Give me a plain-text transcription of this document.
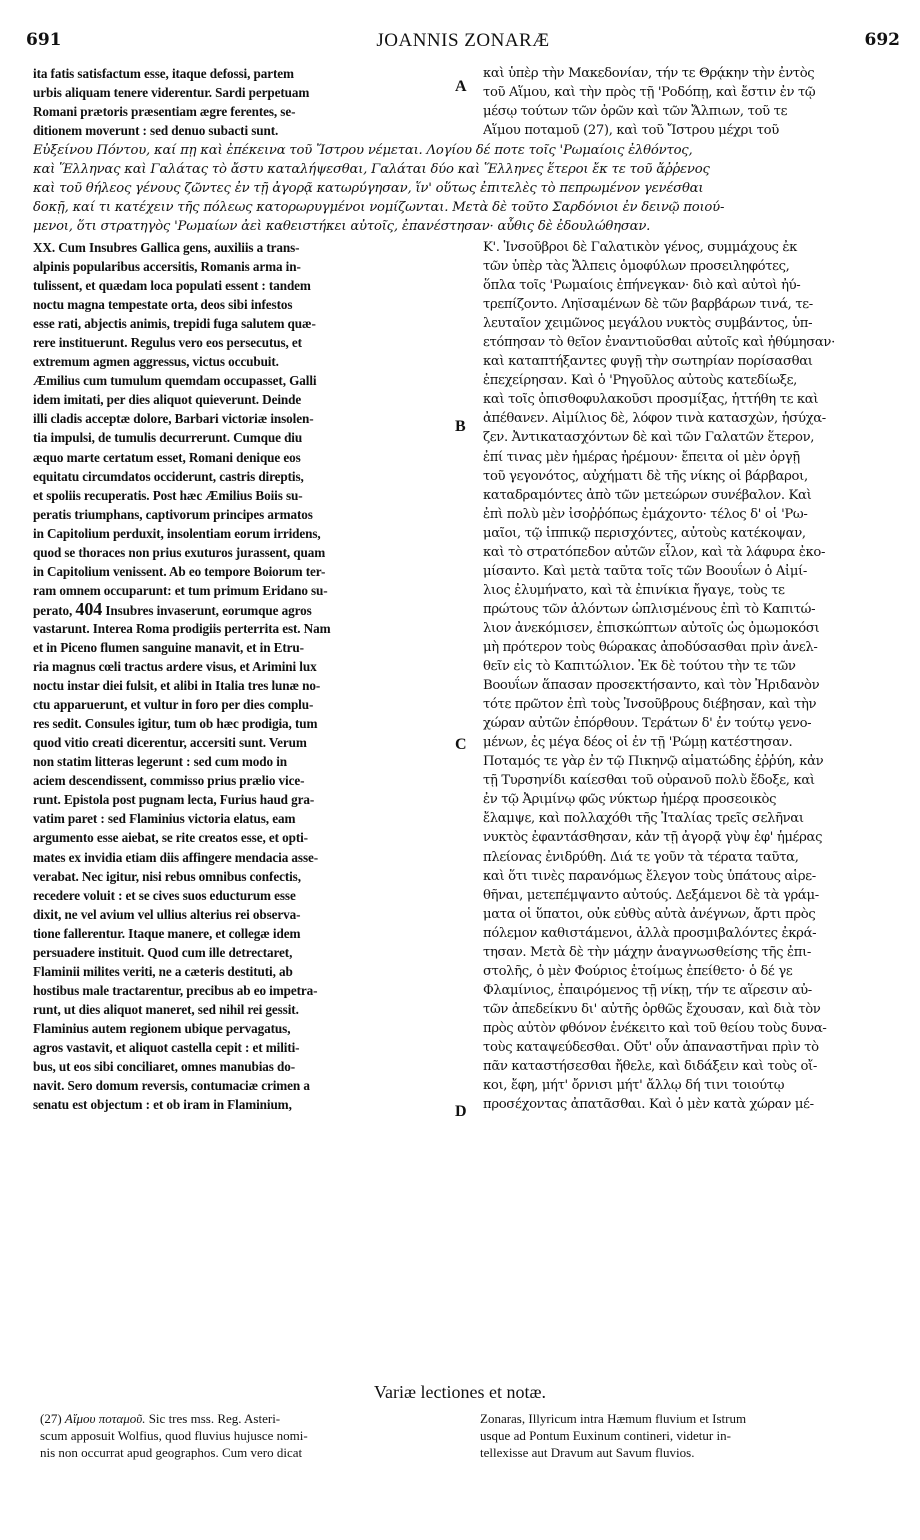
691	JOANNIS ZONARÆ	692
ita fatis satisfactum esse, itaque defossi, partem
urbis aliquam tenere viderentur. Sardi perpetuam
Romani prætoris præsentiam ægre ferentes, se-
ditionem moverunt : sed denuo subacti sunt.
καὶ ὑπὲρ τὴν Μακεδονίαν, τήν τε Θρᾴκην τὴν ἐντὸς
τοῦ Αἵμου, καὶ τὴν πρὸς τῇ 'Ροδόπῃ, καὶ ἔστιν ἐν τῷ
μέσῳ τούτων τῶν ὀρῶν καὶ τῶν Ἄλπιων, τοῦ τε
Αἵμου ποταμοῦ (27), καὶ τοῦ Ἴστρου μέχρι τοῦ
Εὐξείνου Πόντου, καί πῃ καὶ ἐπέκεινα τοῦ Ἴστρου νέμεται. Λογίου δέ ποτε τοῖς 'Ρωμαίοις ἐλθόντος,
καὶ Ἕλληνας καὶ Γαλάτας τὸ ἄστυ καταλήψεσθαι, Γαλάται δύο καὶ Ἕλληνες ἕτεροι ἔκ τε τοῦ ἄῤῥενος
καὶ τοῦ θήλεος γένους ζῶντες ἐν τῇ ἀγορᾷ κατωρύγησαν, ἵν' οὕτως ἐπιτελὲς τὸ πεπρωμένον γενέσθαι
δοκῇ, καί τι κατέχειν τῆς πόλεως κατορωρυγμένοι νομίζωνται. Μετὰ δὲ τοῦτο Σαρδόνιοι ἐν δεινῷ ποιού-
μενοι, ὅτι στρατηγὸς 'Ρωμαίων ἀεὶ καθειστήκει αὐτοῖς, ἐπανέστησαν· αὖθις δὲ ἐδουλώθησαν.
XX. Cum Insubres Gallica gens, auxiliis a trans-
alpinis popularibus accersitis, Romanis arma in-
tulissent, et quædam loca populati essent : tandem
noctu magna tempestate orta, deos sibi infestos
esse rati, abjectis animis, trepidi fuga salutem quæ-
rere instituerunt. Regulus vero eos persecutus, et
extremum agmen aggressus, victus occubuit.
Æmilius cum tumulum quemdam occupasset, Galli
idem imitati, per dies aliquot quieverunt. Deinde
illi cladis acceptæ dolore, Barbari victoriæ insolen-
tia impulsi, de tumulis decurrerunt. Cumque diu
æquo marte certatum esset, Romani denique eos
equitatu circumdatos occiderunt, castris direptis,
et spoliis recuperatis. Post hæc Æmilius Boiis su-
peratis triumphans, captivorum principes armatos
in Capitolium perduxit, insolentiam eorum irridens,
quod se thoraces non prius exuturos jurassent, quam
in Capitolium venissent. Ab eo tempore Boiorum ter-
ram omnem occuparunt: et tum primum Eridano su-
perato, 404 Insubres invaserunt, eorumque agros
vastarunt. Interea Roma prodigiis perterrita est. Nam
et in Piceno flumen sanguine manavit, et in Etru-
ria magnus cœli tractus ardere visus, et Arimini lux
noctu instar diei fulsit, et alibi in Italia tres lunæ no-
ctu apparuerunt, et vultur in foro per dies complu-
res sedit. Consules igitur, tum ob hæc prodigia, tum
quod vitio creati dicerentur, accersiti sunt. Verum
non statim litteras legerunt : sed cum modo in
aciem descendissent, commisso prius prælio vice-
runt. Epistola post pugnam lecta, Furius haud gra-
vatim paret : sed Flaminius victoria elatus, eam
argumento esse aiebat, se rite creatos esse, et opti-
mates ex invidia etiam diis affingere mendacia asse-
verabat. Nec igitur, nisi rebus omnibus confectis,
recedere voluit : et se cives suos educturum esse
dixit, ne vel avium vel ullius alterius rei observa-
tione fallerentur. Itaque manere, et collegæ idem
persuadere instituit. Quod cum ille detrectaret,
Flaminii milites veriti, ne a cæteris destituti, ab
hostibus male tractarentur, precibus ab eo impetra-
runt, ut dies aliquot maneret, sed nihil rei gessit.
Flaminius autem regionem ubique pervagatus,
agros vastavit, et aliquot castella cepit : et militi-
bus, ut eos sibi conciliaret, omnes manubias do-
navit. Sero domum reversis, contumaciæ crimen a
senatu est objectum : et ob iram in Flaminium,
Κ'. Ἰνσοῦβροι δὲ Γαλατικὸν γένος, συμμάχους ἐκ
τῶν ὑπὲρ τὰς Ἄλπεις ὁμοφύλων προσειληφότες,
ὅπλα τοῖς 'Ρωμαίοις ἐπήνεγκαν· διὸ καὶ αὐτοὶ ἠύ-
τρεπίζοντο. Ληϊσαμένων δὲ τῶν βαρβάρων τινά, τε-
λευταῖον χειμῶνος μεγάλου νυκτὸς συμβάντος, ὑπ-
ετόπησαν τὸ θεῖον ἐναντιοῦσθαι αὐτοῖς καὶ ἠθύμησαν·
καὶ καταπτήξαντες φυγῇ τὴν σωτηρίαν πορίσασθαι
ἐπεχείρησαν. Καὶ ὁ 'Ρηγοῦλος αὐτοὺς κατεδίωξε,
καὶ τοῖς ὀπισθοφυλακοῦσι προσμίξας, ἡττήθη τε καὶ
ἀπέθανεν. Αἰμίλιος δὲ, λόφον τινὰ κατασχὼν, ἡσύχα-
ζεν. Ἀντικατασχόντων δὲ καὶ τῶν Γαλατῶν ἕτερον,
ἐπί τινας μὲν ἡμέρας ἠρέμουν· ἔπειτα οἱ μὲν ὀργῇ
τοῦ γεγονότος, αὐχήματι δὲ τῆς νίκης οἱ βάρβαροι,
καταδραμόντες ἀπὸ τῶν μετεώρων συνέβαλον. Καὶ
ἐπὶ πολὺ μὲν ἰσοῤῥόπως ἐμάχοντο· τέλος δ' οἱ 'Ρω-
μαῖοι, τῷ ἱππικῷ περισχόντες, αὐτοὺς κατέκοψαν,
καὶ τὸ στρατόπεδον αὐτῶν εἷλον, καὶ τὰ λάφυρα ἐκο-
μίσαντο. Καὶ μετὰ ταῦτα τοῖς τῶν Βοουΐων ὁ Αἰμί-
λιος ἐλυμήνατο, καὶ τὰ ἐπινίκια ἤγαγε, τοὺς τε
πρώτους τῶν ἁλόντων ὡπλισμένους ἐπὶ τὸ Καπιτώ-
λιον ἀνεκόμισεν, ἐπισκώπτων αὐτοῖς ὡς ὀμωμοκόσι
μὴ πρότερον τοὺς θώρακας ἀποδύσασθαι πρὶν ἀνελ-
θεῖν εἰς τὸ Καπιτώλιον. Ἐκ δὲ τούτου τὴν τε τῶν
Βοουΐων ἅπασαν προσεκτήσαντο, καὶ τὸν Ἠριδανὸν
τότε πρῶτον ἐπὶ τοὺς Ἰνσοῦβρους διέβησαν, καὶ τὴν
χώραν αὐτῶν ἐπόρθουν. Τεράτων δ' ἐν τούτῳ γενο-
μένων, ἐς μέγα δέος οἱ ἐν τῇ 'Ρώμῃ κατέστησαν.
Ποταμός τε γὰρ ἐν τῷ Πικηνῷ αἱματώδης ἐῤῥύη, κἀν
τῇ Τυρσηνίδι καίεσθαι τοῦ οὐρανοῦ πολὺ ἔδοξε, καὶ
ἐν τῷ Ἀριμίνῳ φῶς νύκτωρ ἡμέρᾳ προσεοικὸς
ἔλαμψε, καὶ πολλαχόθι τῆς Ἰταλίας τρεῖς σελῆναι
νυκτὸς ἐφαντάσθησαν, κἀν τῇ ἀγορᾷ γὺψ ἐφ' ἡμέρας
πλείονας ἐνιδρύθη. Διά τε γοῦν τὰ τέρατα ταῦτα,
καὶ ὅτι τινὲς παρανόμως ἔλεγον τοὺς ὑπάτους αἱρε-
θῆναι, μετεπέμψαντο αὐτούς. Δεξάμενοι δὲ τὰ γράμ-
ματα οἱ ὕπατοι, οὐκ εὐθὺς αὐτὰ ἀνέγνων, ἄρτι πρὸς
πόλεμον καθιστάμενοι, ἀλλὰ προσμιβαλόντες ἐκρά-
τησαν. Μετὰ δὲ τὴν μάχην ἀναγνωσθείσης τῆς ἐπι-
στολῆς, ὁ μὲν Φούριος ἑτοίμως ἐπείθετο· ὁ δέ γε
Φλαμίνιος, ἐπαιρόμενος τῇ νίκῃ, τήν τε αἵρεσιν αὐ-
τῶν ἀπεδείκνυ δι' αὐτῆς ὀρθῶς ἔχουσαν, καὶ διὰ τὸν
πρὸς αὐτὸν φθόνον ἐνέκειτο καὶ τοῦ θείου τοὺς δυνα-
τοὺς καταψεύδεσθαι. Οὔτ' οὖν ἀπαναστῆναι πρὶν τὸ
πᾶν καταστήσεσθαι ἤθελε, καὶ διδάξειν καὶ τοὺς οἴ-
κοι, ἔφη, μήτ' ὄρνισι μήτ' ἄλλῳ δή τινι τοιούτῳ
προσέχοντας ἀπατᾶσθαι. Καὶ ὁ μὲν κατὰ χώραν μέ-
A
B
C
D
Variæ lectiones et notæ.
(27) Αἵμου ποταμοῦ. Sic tres mss. Reg. Asteri-
scum apposuit Wolfius, quod fluvius hujusce nomi-
nis non occurrat apud geographos. Cum vero dicat
Zonaras, Illyricum intra Hæmum fluvium et Istrum
usque ad Pontum Euxinum contineri, videtur in-
tellexisse aut Dravum aut Savum fluvios.
